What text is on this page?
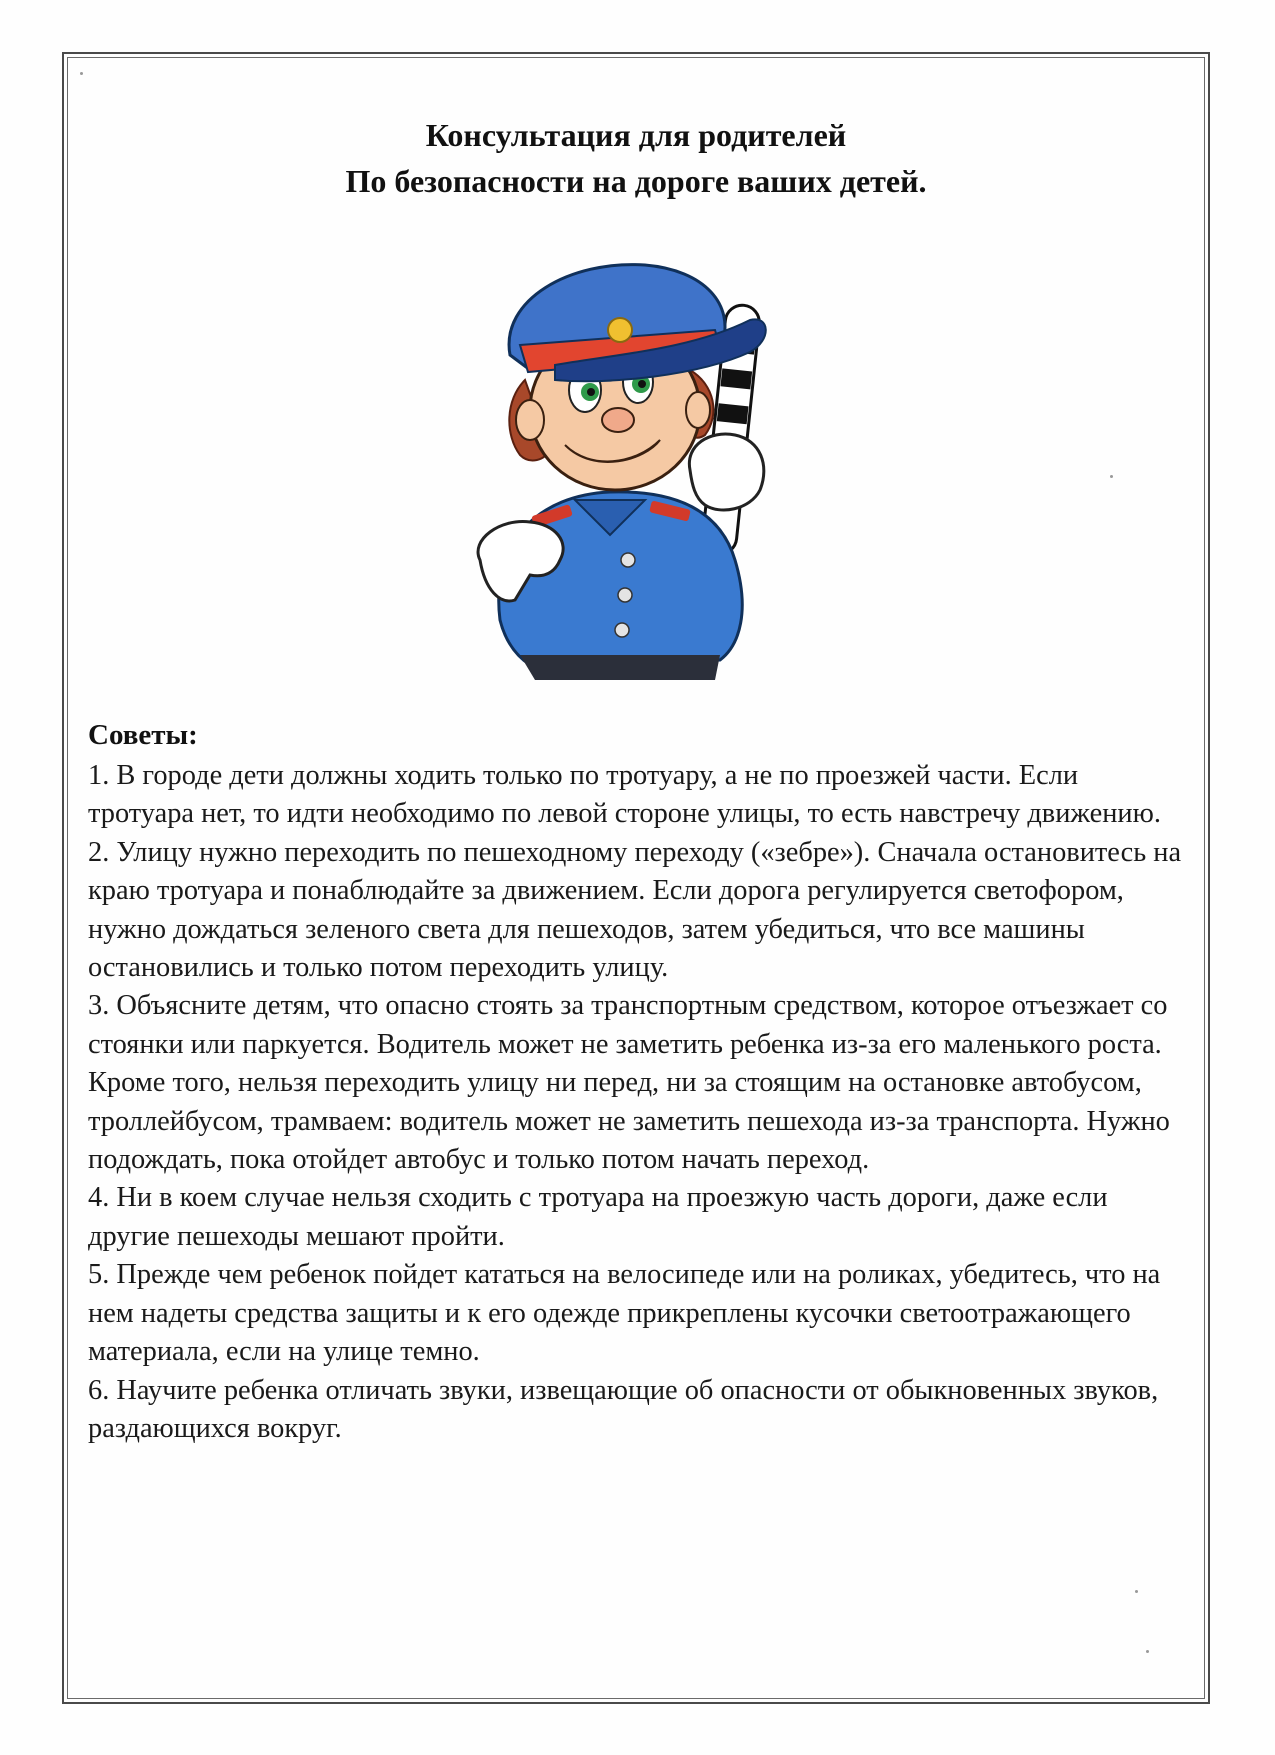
Консультация для родителей
По безопасности на дороге ваших детей.
Советы:
1. В городе дети должны ходить только по тротуару, а не по проезжей части. Если тротуара нет, то идти необходимо по левой стороне улицы, то есть навстречу движению.
2. Улицу нужно переходить по пешеходному переходу («зебре»). Сначала остановитесь на краю тротуара и понаблюдайте за движением. Если дорога регулируется светофором, нужно дождаться зеленого света для пешеходов, затем убедиться, что все машины остановились и только потом переходить улицу.
3. Объясните детям, что опасно стоять за транспортным средством, которое отъезжает со стоянки или паркуется. Водитель может не заметить ребенка из-за его маленького роста. Кроме того, нельзя переходить улицу ни перед, ни за стоящим на остановке автобусом, троллейбусом, трамваем: водитель может не заметить пешехода из-за транспорта. Нужно подождать, пока отойдет автобус и только потом начать переход.
4. Ни в коем случае нельзя сходить с тротуара на проезжую часть дороги, даже если другие пешеходы мешают пройти.
5. Прежде чем ребенок пойдет кататься на велосипеде или на роликах, убедитесь, что на нем надеты средства защиты и к его одежде прикреплены кусочки светоотражающего материала, если на улице темно.
6. Научите ребенка отличать звуки, извещающие об опасности от обыкновенных звуков, раздающихся вокруг.
